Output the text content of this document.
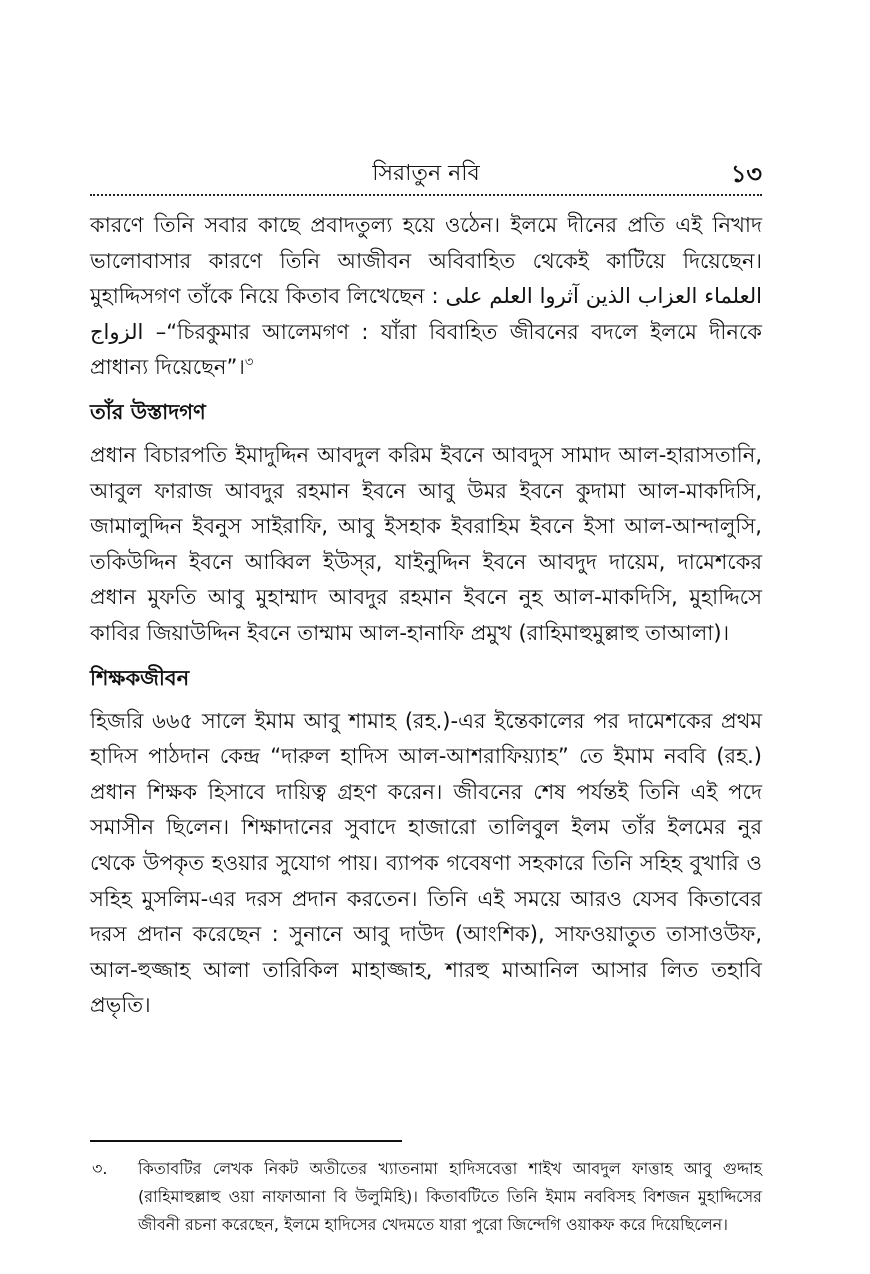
সিরাতুন নবি	১৩

কারণে তিনি সবার কাছে প্রবাদতুল্য হয়ে ওঠেন। ইলমে দীনের প্রতি এই নিখাদ ভালোবাসার কারণে তিনি আজীবন অবিবাহিত থেকেই কাটিয়ে দিয়েছেন। মুহাদ্দিসগণ তাঁকে নিয়ে কিতাব লিখেছেন : العلماء العزاب الذين آثروا العلم على الزواج –“চিরকুমার আলেমগণ : যাঁরা বিবাহিত জীবনের বদলে ইলমে দীনকে প্রাধান্য দিয়েছেন”।$^৩$

তাঁর উস্তাদগণ

প্রধান বিচারপতি ইমাদুদ্দিন আবদুল করিম ইবনে আবদুস সামাদ আল-হারাসতানি, আবুল ফারাজ আবদুর রহমান ইবনে আবু উমর ইবনে কুদামা আল-মাকদিসি, জামালুদ্দিন ইবনুস সাইরাফি, আবু ইসহাক ইবরাহিম ইবনে ইসা আল-আন্দালুসি, তকিউদ্দিন ইবনে আব্বিল ইউস্‌র, যাইনুদ্দিন ইবনে আবদুদ দায়েম, দামেশকের প্রধান মুফতি আবু মুহাম্মাদ আবদুর রহমান ইবনে নুহ আল-মাকদিসি, মুহাদ্দিসে কাবির জিয়াউদ্দিন ইবনে তাম্মাম আল-হানাফি প্রমুখ (রাহিমাহুমুল্লাহু তাআলা)।

শিক্ষকজীবন

হিজরি ৬৬৫ সালে ইমাম আবু শামাহ (রহ.)-এর ইন্তেকালের পর দামেশকের প্রথম হাদিস পাঠদান কেন্দ্র “দারুল হাদিস আল-আশরাফিয়্যাহ” তে ইমাম নববি (রহ.) প্রধান শিক্ষক হিসাবে দায়িত্ব গ্রহণ করেন। জীবনের শেষ পর্যন্তই তিনি এই পদে সমাসীন ছিলেন। শিক্ষাদানের সুবাদে হাজারো তালিবুল ইলম তাঁর ইলমের নুর থেকে উপকৃত হওয়ার সুযোগ পায়। ব্যাপক গবেষণা সহকারে তিনি সহিহ বুখারি ও সহিহ মুসলিম-এর দরস প্রদান করতেন। তিনি এই সময়ে আরও যেসব কিতাবের দরস প্রদান করেছেন : সুনানে আবু দাউদ (আংশিক), সাফওয়াতুত তাসাওউফ, আল-হুজ্জাহ আলা তারিকিল মাহাজ্জাহ, শারহু মাআনিল আসার লিত তহাবি প্রভৃতি।

৩. কিতাবটির লেখক নিকট অতীতের খ্যাতনামা হাদিসবেত্তা শাইখ আবদুল ফাত্তাহ আবু গুদ্দাহ (রাহিমাহুল্লাহু ওয়া নাফাআনা বি উলুমিহি)। কিতাবটিতে তিনি ইমাম নববিসহ বিশজন মুহাদ্দিসের জীবনী রচনা করেছেন, ইলমে হাদিসের খেদমতে যারা পুরো জিন্দেগি ওয়াকফ করে দিয়েছিলেন।
